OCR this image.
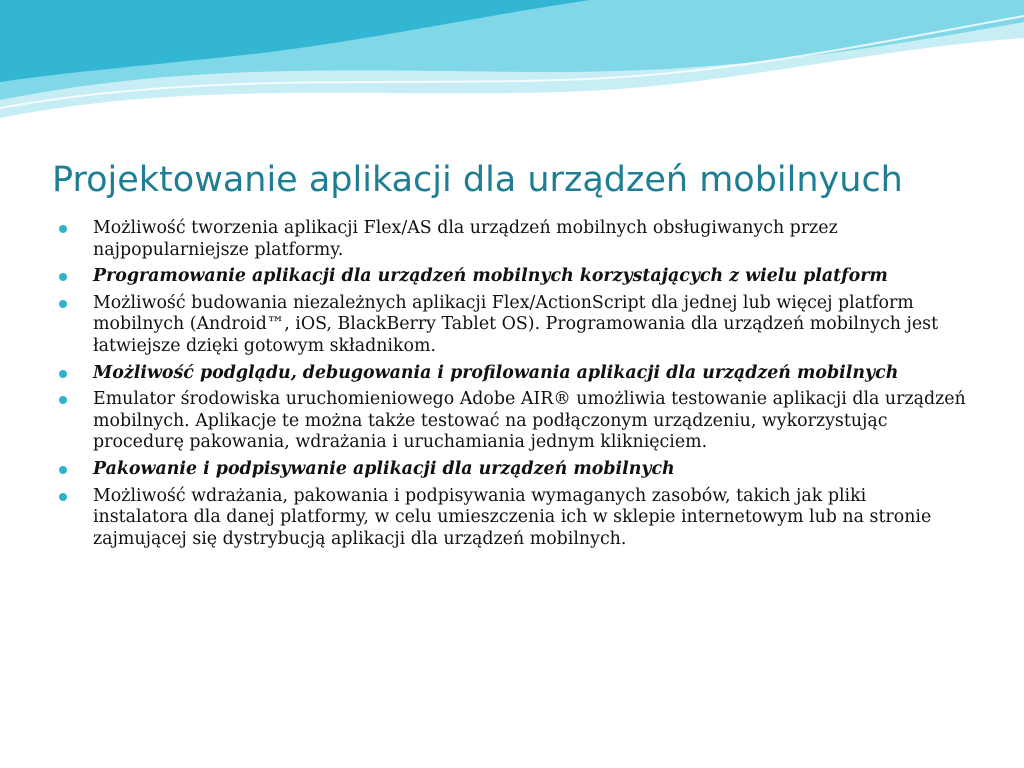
Projektowanie aplikacji dla urządzeń mobilnyuch
Możliwość tworzenia aplikacji Flex/AS dla urządzeń mobilnych obsługiwanych przez najpopularniejsze platformy.
Programowanie aplikacji dla urządzeń mobilnych korzystających z wielu platform
Możliwość budowania niezależnych aplikacji Flex/ActionScript dla jednej lub więcej platform mobilnych (Android™, iOS, BlackBerry Tablet OS). Programowania dla urządzeń mobilnych jest łatwiejsze dzięki gotowym składnikom.
Możliwość podglądu, debugowania i profilowania aplikacji dla urządzeń mobilnych
Emulator środowiska uruchomieniowego Adobe AIR® umożliwia testowanie aplikacji dla urządzeń mobilnych. Aplikacje te można także testować na podłączonym urządzeniu, wykorzystując procedurę pakowania, wdrażania i uruchamiania jednym kliknięciem.
Pakowanie i podpisywanie aplikacji dla urządzeń mobilnych
Możliwość wdrażania, pakowania i podpisywania wymaganych zasobów, takich jak pliki instalatora dla danej platformy, w celu umieszczenia ich w sklepie internetowym lub na stronie zajmującej się dystrybucją aplikacji dla urządzeń mobilnych.
